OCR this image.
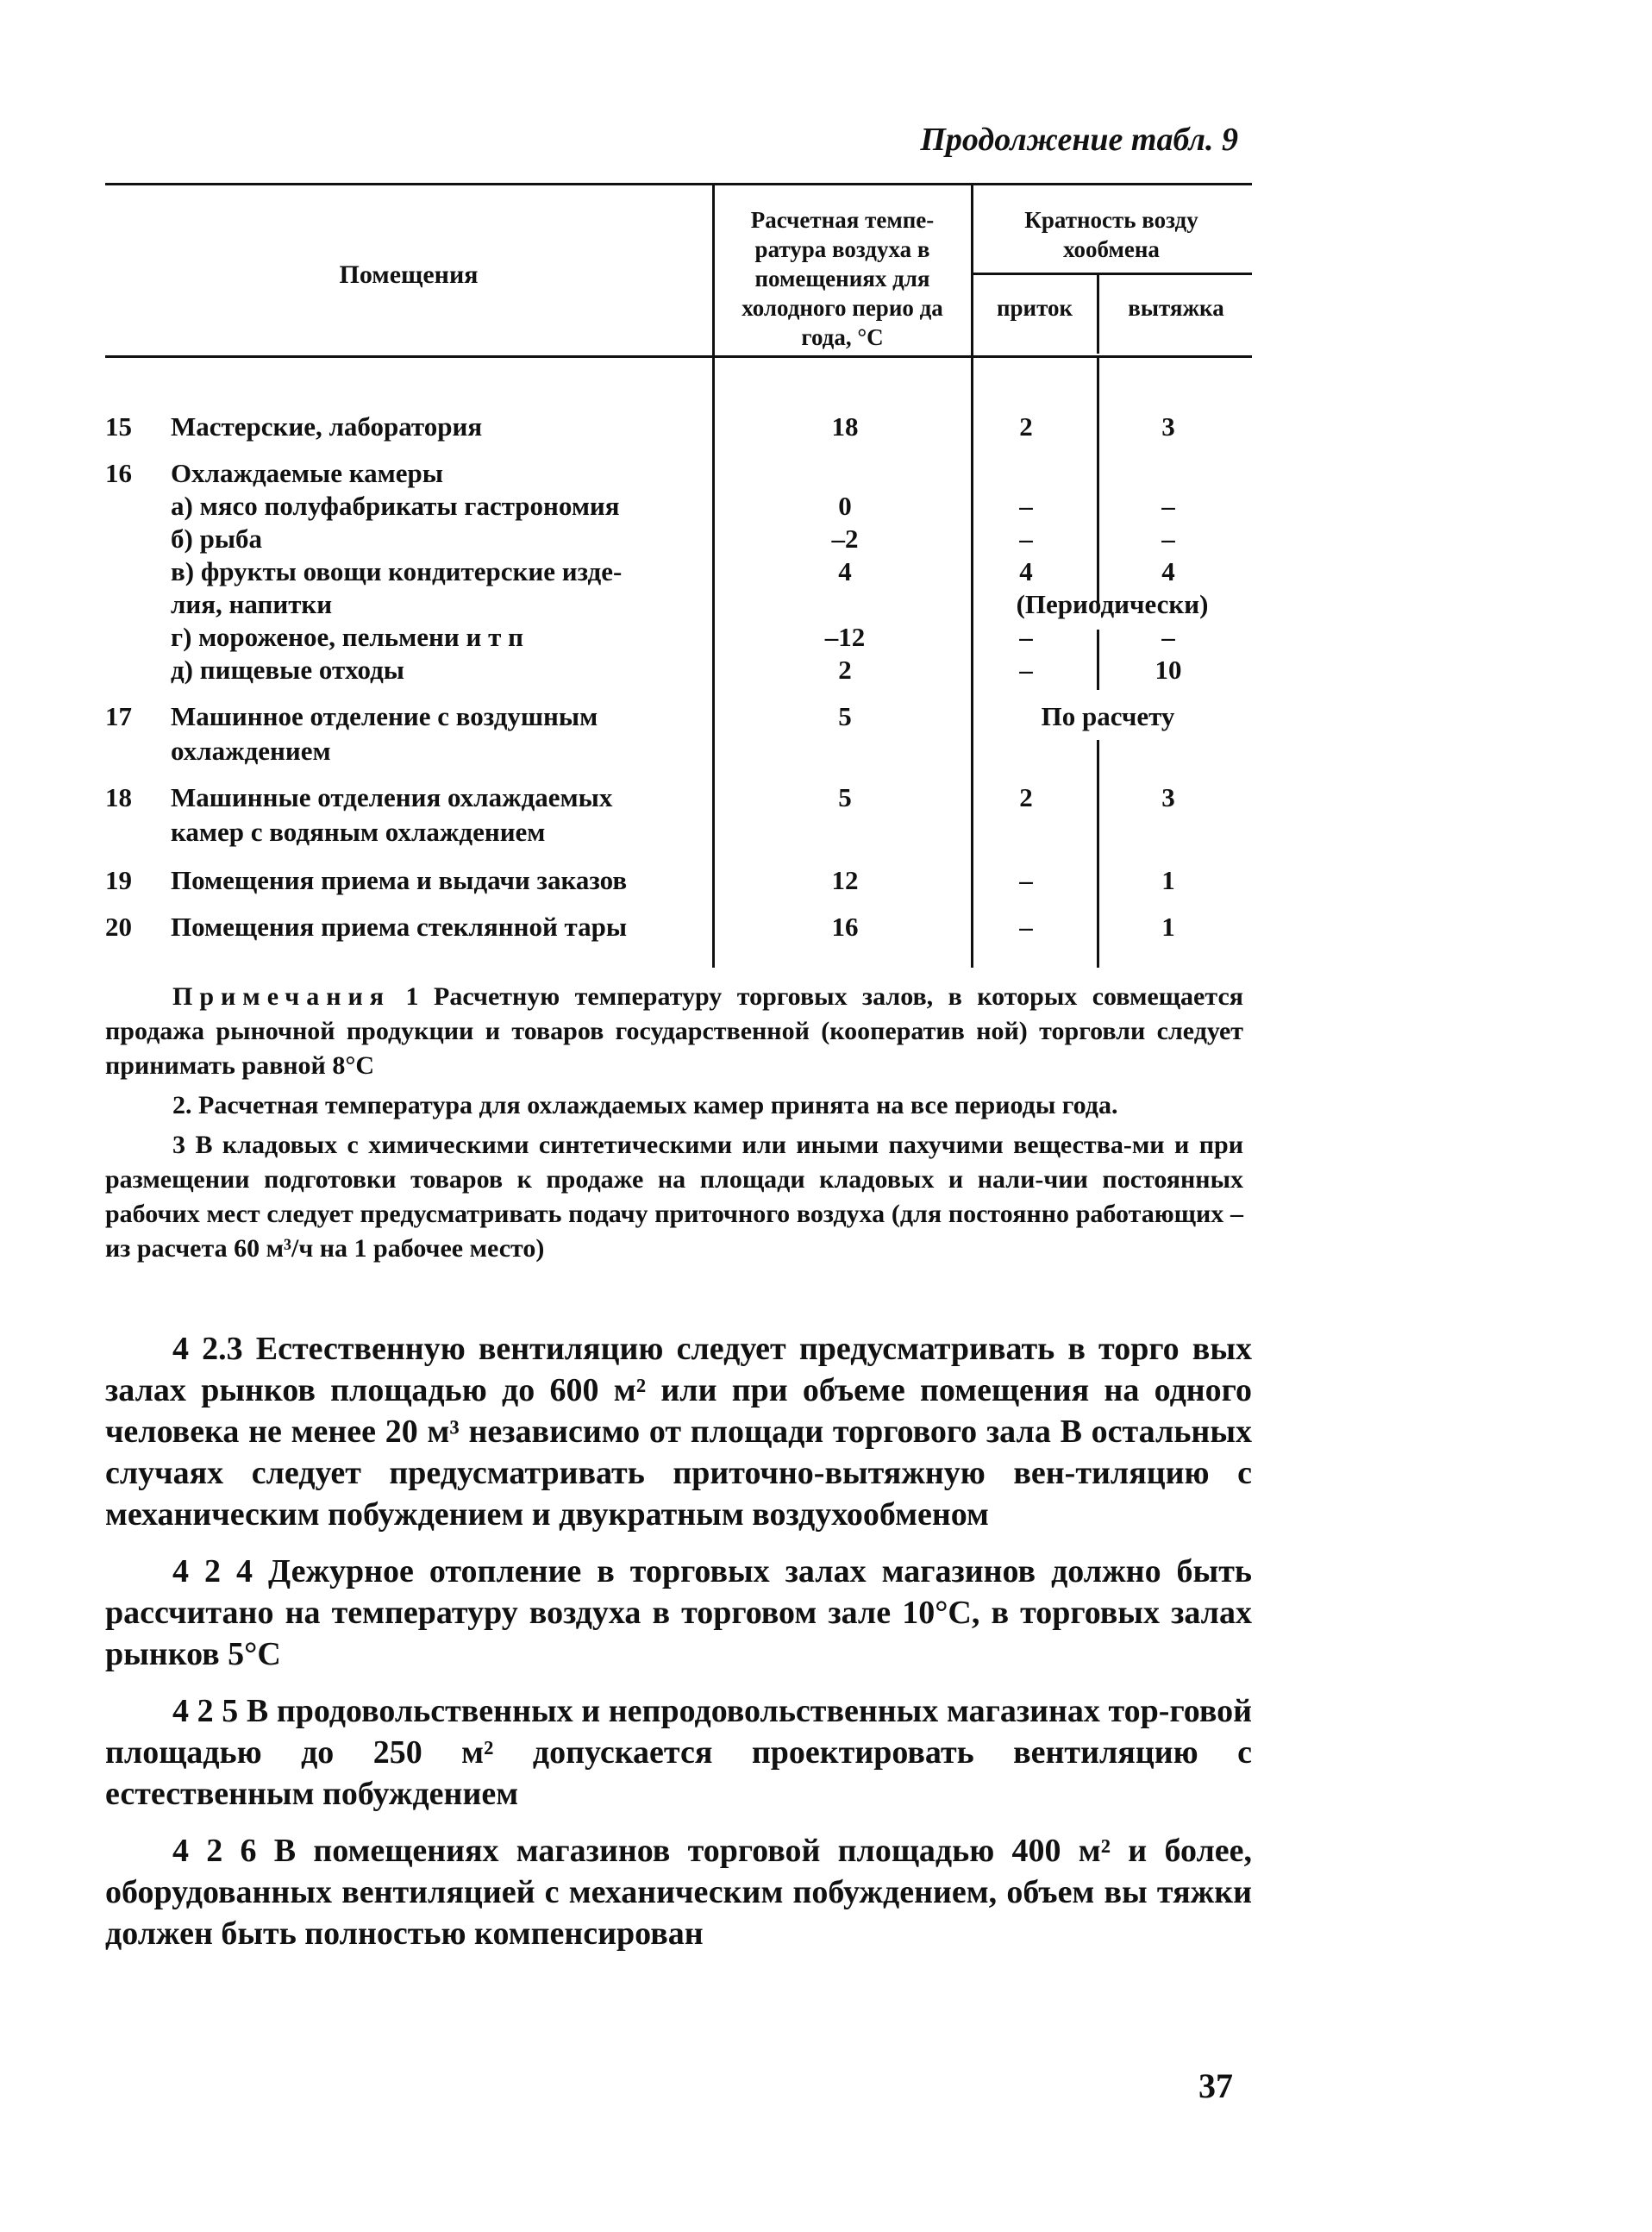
Продолжение табл. 9
Помещения
Расчетная темпе-ратура воздуха в помещениях для холодного перио да года, °С
Кратность возду хообмена
приток	вытяжка
15 Мастерские, лаборатория	18	2	3
16 Охлаждаемые камеры
а) мясо полуфабрикаты гастрономия	0	–	–
б) рыба	–2	–	–
в) фрукты овощи кондитерские изде-	4	4	4
лия, напитки	(Периодически)
г) мороженое, пельмени и т п	–12	–	–
д) пищевые отходы	2	–	10
17 Машинное отделение с воздушным	5	По расчету
охлаждением
18 Машинные отделения охлаждаемых	5	2	3
камер с водяным охлаждением
19 Помещения приема и выдачи заказов	12	–	1
20 Помещения приема стеклянной тары	16	–	1

Примечания 1 Расчетную температуру торговых залов, в которых совмещается продажа рыночной продукции и товаров государственной (кооператив ной) торговли следует принимать равной 8°С

2. Расчетная температура для охлаждаемых камер принята на все периоды года.

3 В кладовых с химическими синтетическими или иными пахучими вещества-ми и при размещении подготовки товаров к продаже на площади кладовых и нали-чии постоянных рабочих мест следует предусматривать подачу приточного воздуха (для постоянно работающих – из расчета 60 м³/ч на 1 рабочее место)

4 2.3 Естественную вентиляцию следует предусматривать в торго вых залах рынков площадью до 600 м² или при объеме помещения на одного человека не менее 20 м³ независимо от площади торгового зала В остальных случаях следует предусматривать приточно-вытяжную вен-тиляцию с механическим побуждением и двукратным воздухообменом

4 2 4 Дежурное отопление в торговых залах магазинов должно быть рассчитано на температуру воздуха в торговом зале 10°С, в торговых залах рынков 5°С

4 2 5 В продовольственных и непродовольственных магазинах тор-говой площадью до 250 м² допускается проектировать вентиляцию с естественным побуждением

4 2 6 В помещениях магазинов торговой площадью 400 м² и более, оборудованных вентиляцией с механическим побуждением, объем вы тяжки должен быть полностью компенсирован

37
